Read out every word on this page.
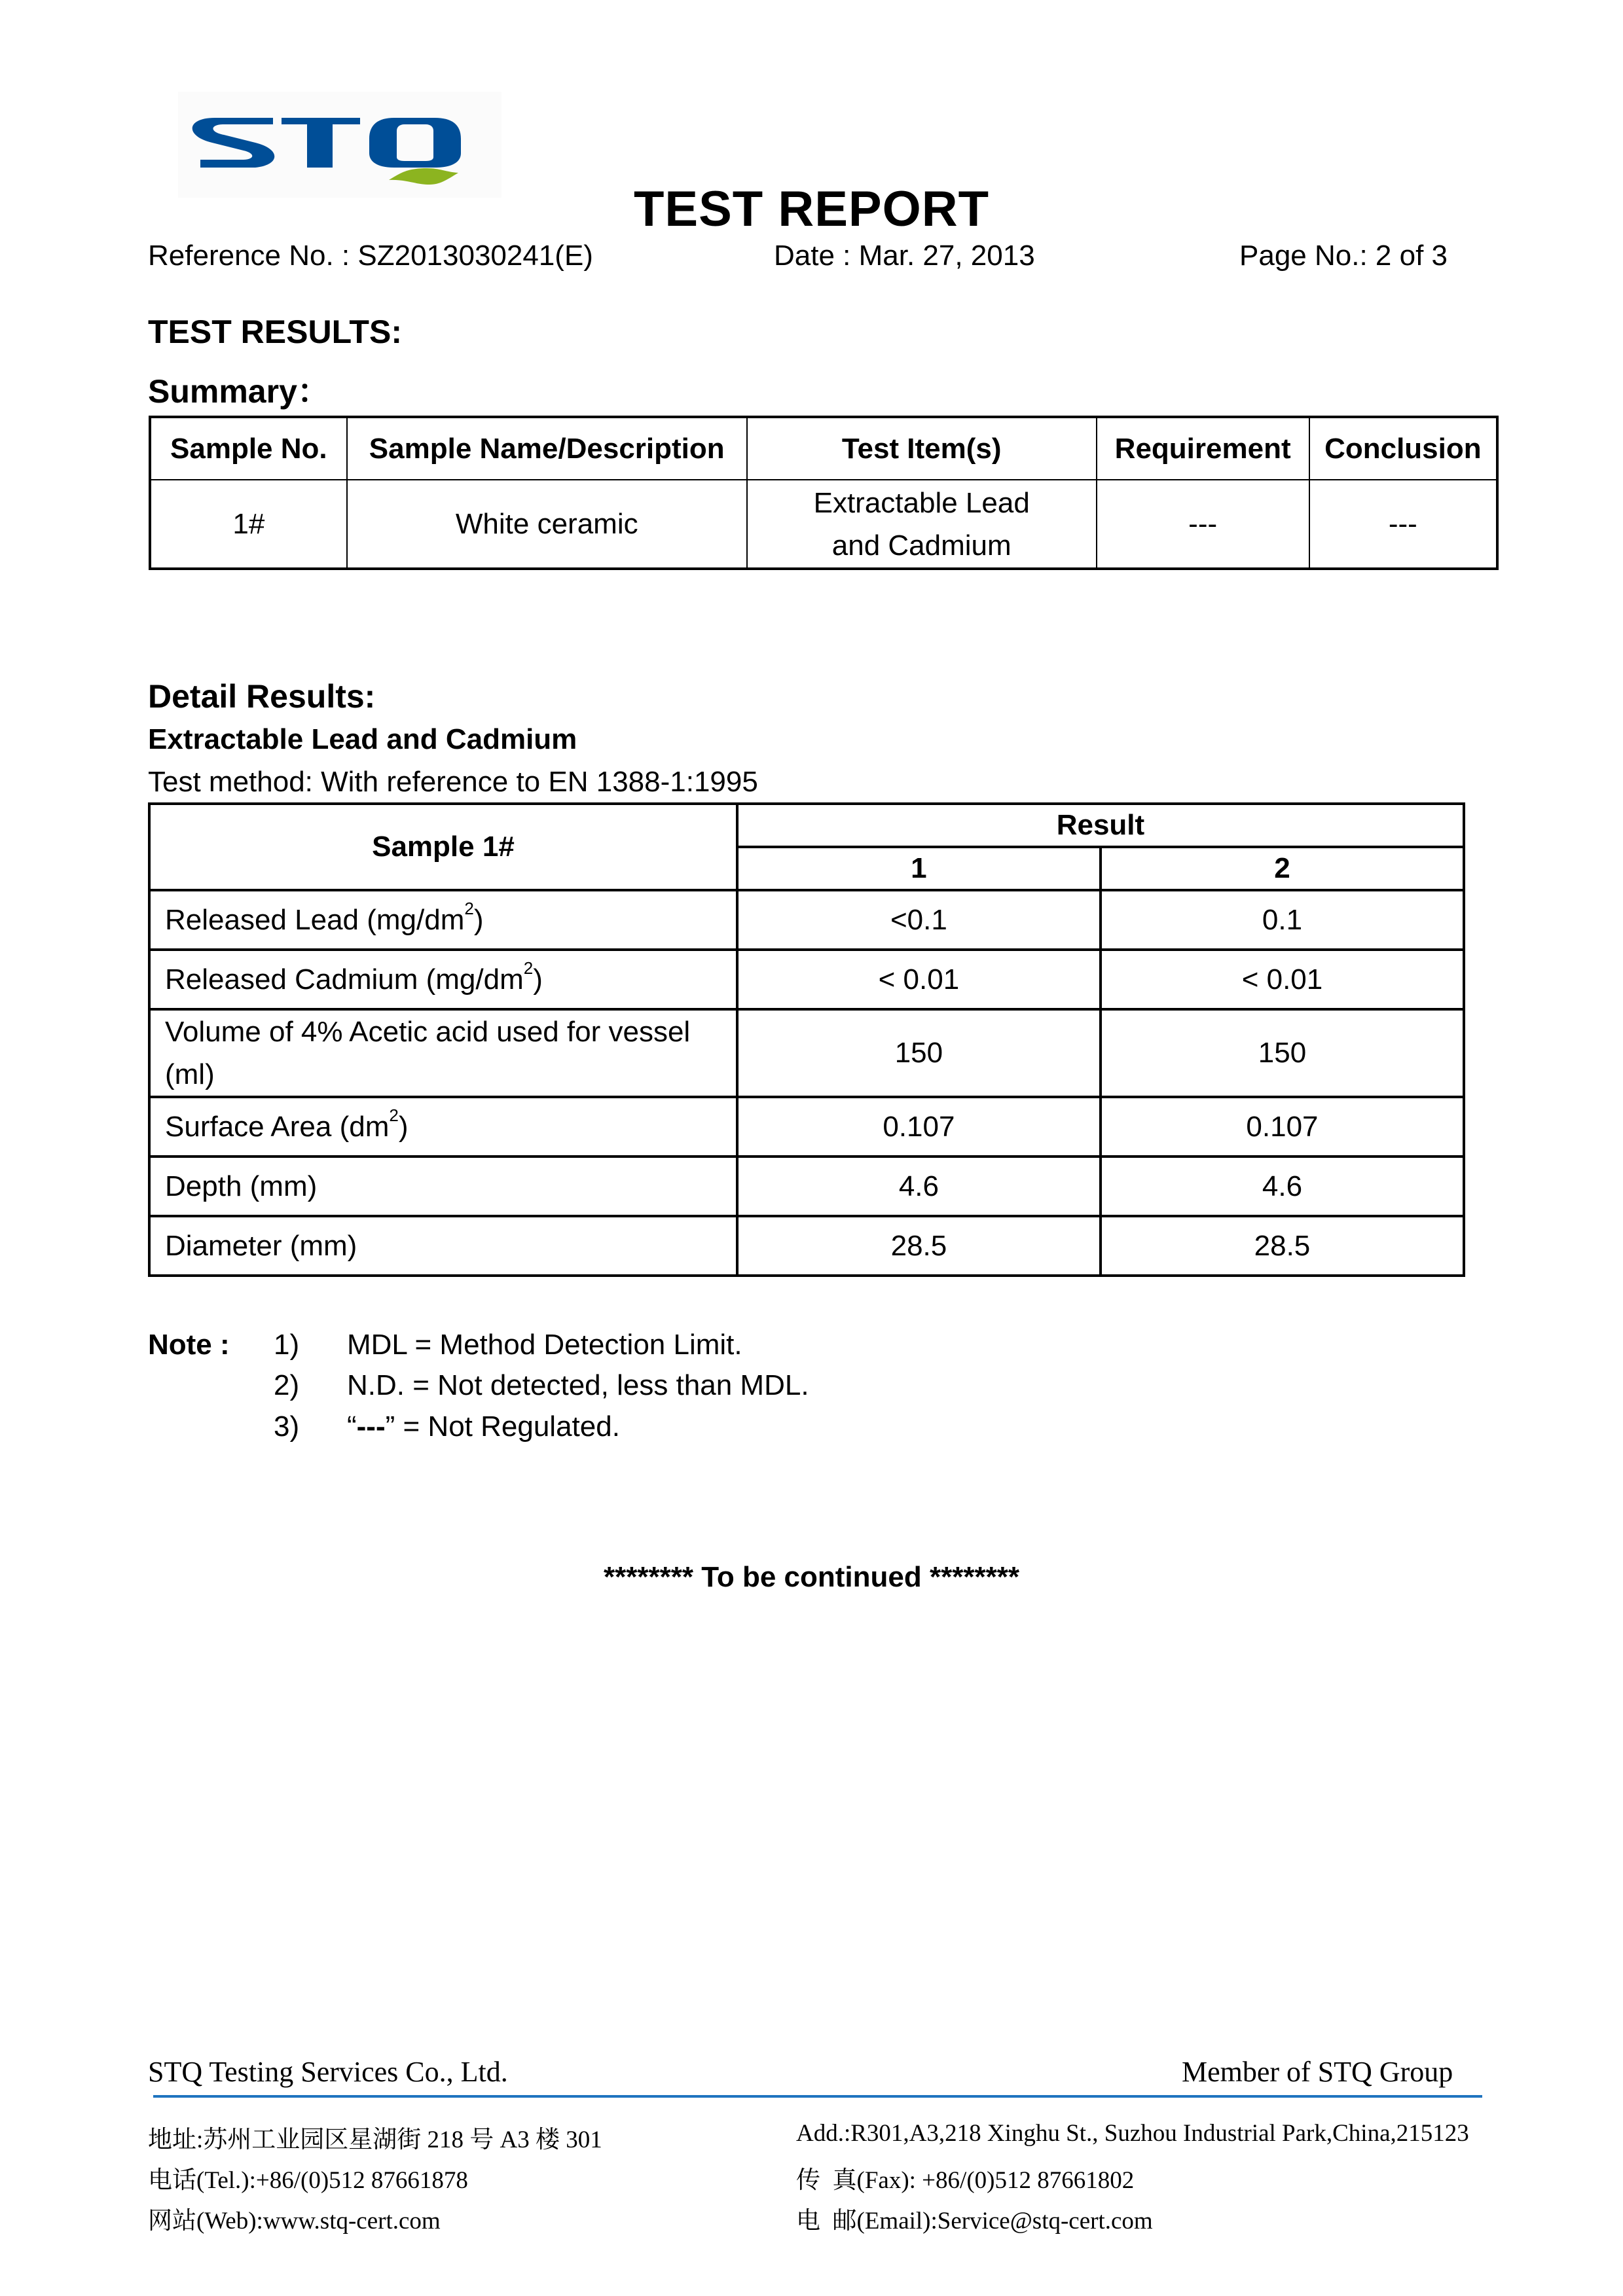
TEST REPORT
Reference No. : SZ2013030241(E)	Date : Mar. 27, 2013	Page No.: 2 of 3
TEST RESULTS:
Summary：
Sample No.	Sample Name/Description	Test Item(s)	Requirement	Conclusion
1#	White ceramic	Extractable Lead and Cadmium	---	---
Detail Results:
Extractable Lead and Cadmium
Test method: With reference to EN 1388-1:1995
Sample 1#	Result	
	1	2
Released Lead $(mg/dm^2)$	<0.1	0.1
Released Cadmium $(mg/dm^2)$	< 0.01	< 0.01
Volume of 4% Acetic acid used for vessel (ml)	150	150
Surface Area $(dm^2)$	0.107	0.107
Depth (mm)	4.6	4.6
Diameter (mm)	28.5	28.5
Note : 1) MDL = Method Detection Limit.
2) N.D. = Not detected, less than MDL.
3) “---” = Not Regulated.
******** To be continued ********
STQ Testing Services Co., Ltd.	Member of STQ Group
地址:苏州工业园区星湖街 218 号 A3 楼 301
电话(Tel.):+86/(0)512 87661878
网站(Web):www.stq-cert.com
Add.:R301,A3,218 Xinghu St., Suzhou Industrial Park,China,215123
传  真(Fax): +86/(0)512 87661802
电  邮(Email):Service@stq-cert.com
